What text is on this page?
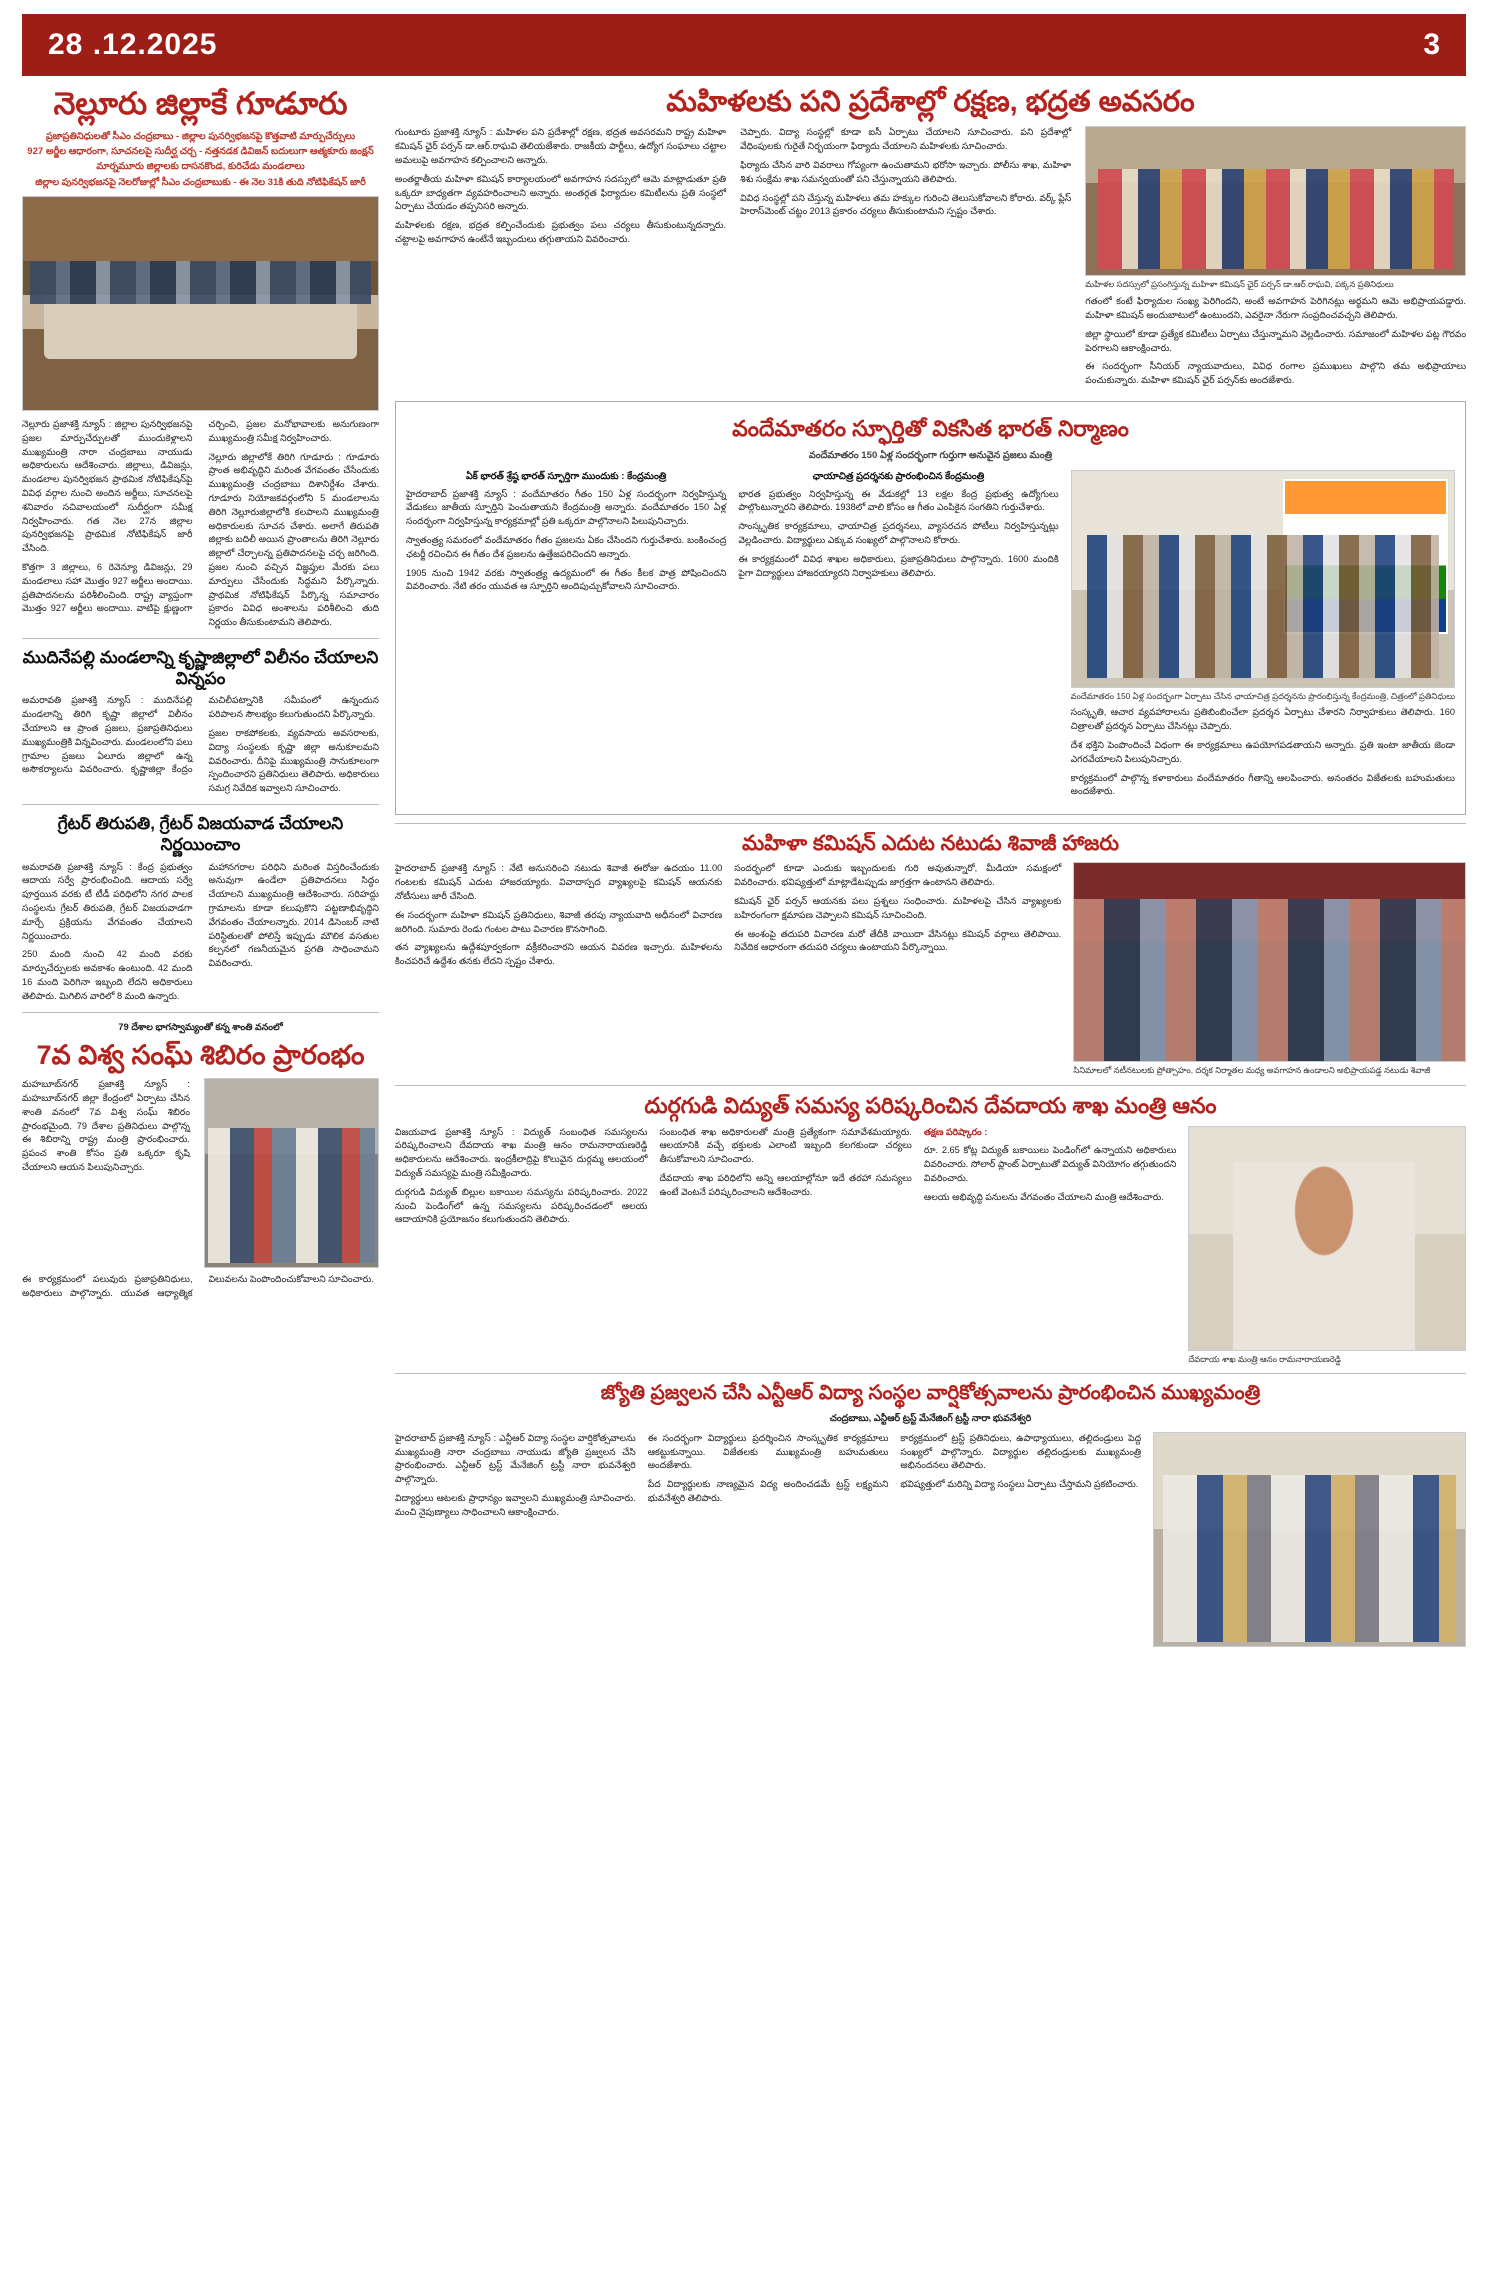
28 .12.2025	3
నెల్లూరు జిల్లాకే గూడూరు
ప్రజాప్రతినిధులతో సీఎం చంద్రబాబు - జిల్లాల పునర్విభజనపై కొత్తవాటి మార్పుచేర్పులు
927 అర్జీల ఆధారంగా, సూచనలపై సుదీర్ఘ చర్చ - నత్తనడక డివిజన్ బదులుగా ఆత్మకూరు జంక్షన్
మార్నమూరు జిల్లాలకు దాసనకొండ, కురిచేడు మండలాలు
జిల్లాల పునర్విభజనపై నెలరోజుల్లో సీఎం చంద్రబాబుకు - ఈ నెల 31కి తుది నోటిఫికేషన్ జారీ

నెల్లూరు ప్రజాశక్తి న్యూస్ : జిల్లాల పునర్విభజనపై ప్రజల మార్పుచేర్పులతో ముందుకెళ్లాలని ముఖ్యమంత్రి నారా చంద్రబాబు నాయుడు అధికారులను ఆదేశించారు. జిల్లాలు, డివిజన్లు, మండలాల పునర్విభజన ప్రాథమిక నోటిఫికేషన్‌పై వివిధ వర్గాల నుంచి అందిన అర్జీలు, సూచనలపై శనివారం సచివాలయంలో సుదీర్ఘంగా సమీక్ష నిర్వహించారు. గత నెల 27న జిల్లాల పునర్విభజనపై ప్రాథమిక నోటిఫికేషన్ జారీ చేసింది.

కొత్తగా 3 జిల్లాలు, 6 రెవెన్యూ డివిజన్లు, 29 మండలాలు సహా మొత్తం 927 అర్జీలు అందాయి. ప్రతిపాదనలను పరిశీలించింది. రాష్ట్ర వ్యాప్తంగా మొత్తం 927 అర్జీలు అందాయి. వాటిపై క్షుణ్ణంగా చర్చించి, ప్రజల మనోభావాలకు అనుగుణంగా ముఖ్యమంత్రి సమీక్ష నిర్వహించారు.

నెల్లూరు జిల్లాలోకే తిరిగి గూడూరు : గూడూరు ప్రాంత అభివృద్ధిని మరింత వేగవంతం చేసేందుకు ముఖ్యమంత్రి చంద్రబాబు దిశానిర్దేశం చేశారు. గూడూరు నియోజకవర్గంలోని 5 మండలాలను తిరిగి నెల్లూరుజిల్లాలోకి కలపాలని ముఖ్యమంత్రి అధికారులకు సూచన చేశారు. అలాగే తిరుపతి జిల్లాకు బదిలీ అయిన ప్రాంతాలను తిరిగి నెల్లూరు జిల్లాలో చేర్చాలన్న ప్రతిపాదనలపై చర్చ జరిగింది. ప్రజల నుంచి వచ్చిన విజ్ఞప్తుల మేరకు పలు మార్పులు చేసేందుకు సిద్ధమని పేర్కొన్నారు. ప్రాథమిక నోటిఫికేషన్ పేర్కొన్న సమాచారం ప్రకారం వివిధ అంశాలను పరిశీలించి తుది నిర్ణయం తీసుకుంటామని తెలిపారు.

ముదినేపల్లి మండలాన్ని కృష్ణాజిల్లాలో విలీనం చేయాలని విన్నపం

అమరావతి ప్రజాశక్తి న్యూస్ : ముదినేపల్లి మండలాన్ని తిరిగి కృష్ణా జిల్లాలో విలీనం చేయాలని ఆ ప్రాంత ప్రజలు, ప్రజాప్రతినిధులు ముఖ్యమంత్రికి విన్నవించారు. మండలంలోని పలు గ్రామాల ప్రజలు ఏలూరు జిల్లాలో ఉన్న అసౌకర్యాలను వివరించారు. కృష్ణాజిల్లా కేంద్రం మచిలీపట్నానికి సమీపంలో ఉన్నందున పరిపాలన సౌలభ్యం కలుగుతుందని పేర్కొన్నారు.

ప్రజల రాకపోకలకు, వ్యవసాయ అవసరాలకు, విద్యా సంస్థలకు కృష్ణా జిల్లా అనుకూలమని వివరించారు. దీనిపై ముఖ్యమంత్రి సానుకూలంగా స్పందించారని ప్రతినిధులు తెలిపారు. అధికారులు సమగ్ర నివేదిక ఇవ్వాలని సూచించారు.

గ్రేటర్ తిరుపతి, గ్రేటర్ విజయవాడ చేయాలని నిర్ణయించాం

అమరావతి ప్రజాశక్తి న్యూస్ : కేంద్ర ప్రభుత్వం ఆదాయ సర్వే ప్రారంభించింది. ఆదాయ సర్వే పూర్తయిన వరకు టీ టీడీ పరిధిలోని నగర పాలక సంస్థలను గ్రేటర్ తిరుపతి, గ్రేటర్ విజయవాడగా మార్చే ప్రక్రియను వేగవంతం చేయాలని నిర్ణయించారు.

250 మంది నుంచి 42 మంది వరకు మార్పుచేర్పులకు అవకాశం ఉంటుంది. 42 మంది 16 మంది పెరిగినా ఇబ్బంది లేదని అధికారులు తెలిపారు. మిగిలిన వారిలో 8 మంది ఉన్నారు.

మహానగరాల పరిధిని మరింత విస్తరించేందుకు అనువుగా ఉండేలా ప్రతిపాదనలు సిద్ధం చేయాలని ముఖ్యమంత్రి ఆదేశించారు. సరిహద్దు గ్రామాలను కూడా కలుపుకొని పట్టణాభివృద్ధిని వేగవంతం చేయాలన్నారు. 2014 డిసెంబర్ నాటి పరిస్థితులతో పోలిస్తే ఇప్పుడు మౌలిక వసతుల కల్పనలో గణనీయమైన ప్రగతి సాధించామని వివరించారు.

79 దేశాల భాగస్వామ్యంతో కన్న శాంతి వనంలో
7వ విశ్వ సంఘ్ శిబిరం ప్రారంభం

మహబూబ్‌నగర్ ప్రజాశక్తి న్యూస్ : మహబూబ్‌నగర్ జిల్లా కేంద్రంలో ఏర్పాటు చేసిన శాంతి వనంలో 7వ విశ్వ సంఘ్ శిబిరం ప్రారంభమైంది. 79 దేశాల ప్రతినిధులు పాల్గొన్న ఈ శిబిరాన్ని రాష్ట్ర మంత్రి ప్రారంభించారు. ప్రపంచ శాంతి కోసం ప్రతి ఒక్కరూ కృషి చేయాలని ఆయన పిలుపునిచ్చారు.

ఈ కార్యక్రమంలో పలువురు ప్రజాప్రతినిధులు, అధికారులు పాల్గొన్నారు. యువత ఆధ్యాత్మిక విలువలను పెంపొందించుకోవాలని సూచించారు.

మహిళలకు పని ప్రదేశాల్లో రక్షణ, భద్రత అవసరం

గుంటూరు ప్రజాశక్తి న్యూస్ : మహిళల పని ప్రదేశాల్లో రక్షణ, భద్రత అవసరమని రాష్ట్ర మహిళా కమిషన్ ఛైర్ పర్సన్ డా.ఆర్.రాఘవి తెలియజేశారు. రాజకీయ పార్టీలు, ఉద్యోగ సంఘాలు చట్టాల అమలుపై అవగాహన కల్పించాలని అన్నారు.

అంతర్జాతీయ మహిళా కమిషన్ కార్యాలయంలో అవగాహన సదస్సులో ఆమె మాట్లాడుతూ ప్రతి ఒక్కరూ బాధ్యతగా వ్యవహరించాలని అన్నారు. అంతర్గత ఫిర్యాదుల కమిటీలను ప్రతి సంస్థలో ఏర్పాటు చేయడం తప్పనిసరి అన్నారు.

మహిళలకు రక్షణ, భద్రత కల్పించేందుకు ప్రభుత్వం పలు చర్యలు తీసుకుంటున్నదన్నారు. చట్టాలపై అవగాహన ఉంటేనే ఇబ్బందులు తగ్గుతాయని వివరించారు.

చెప్పారు. విద్యా సంస్థల్లో కూడా ఐసీ ఏర్పాటు చేయాలని సూచించారు. పని ప్రదేశాల్లో వేధింపులకు గురైతే నిర్భయంగా ఫిర్యాదు చేయాలని మహిళలకు సూచించారు.

ఫిర్యాదు చేసిన వారి వివరాలు గోప్యంగా ఉంచుతామని భరోసా ఇచ్చారు. పోలీసు శాఖ, మహిళా శిశు సంక్షేమ శాఖ సమన్వయంతో పని చేస్తున్నాయని తెలిపారు.

వివిధ సంస్థల్లో పని చేస్తున్న మహిళలు తమ హక్కుల గురించి తెలుసుకోవాలని కోరారు. వర్క్ ప్లేస్ హెరాస్‌మెంట్ చట్టం 2013 ప్రకారం చర్యలు తీసుకుంటామని స్పష్టం చేశారు.

మహిళల సదస్సులో ప్రసంగిస్తున్న మహిళా కమిషన్ ఛైర్ పర్సన్ డా.ఆర్.రాఘవి, పక్కన ప్రతినిధులు

గతంలో కంటే ఫిర్యాదుల సంఖ్య పెరిగిందని, అంటే అవగాహన పెరిగినట్లు అర్థమని ఆమె అభిప్రాయపడ్డారు. మహిళా కమిషన్ అందుబాటులో ఉంటుందని, ఎవరైనా నేరుగా సంప్రదించవచ్చని తెలిపారు.

జిల్లా స్థాయిలో కూడా ప్రత్యేక కమిటీలు ఏర్పాటు చేస్తున్నామని వెల్లడించారు. సమాజంలో మహిళల పట్ల గౌరవం పెరగాలని ఆకాంక్షించారు.

ఈ సందర్భంగా సీనియర్ న్యాయవాదులు, వివిధ రంగాల ప్రముఖులు పాల్గొని తమ అభిప్రాయాలు పంచుకున్నారు. మహిళా కమిషన్ ఛైర్ పర్సన్‌కు అందజేశారు.

వందేమాతరం స్ఫూర్తితో వికసిత భారత్ నిర్మాణం
వందేమాతరం 150 ఏళ్ల సందర్భంగా గుర్తుగా అనువైన ప్రజలు మంత్రి
ఏక్ భారత్ శ్రేష్ఠ భారత్ స్ఫూర్తిగా ముందుకు : కేంద్రమంత్రి

హైదరాబాద్ ప్రజాశక్తి న్యూస్ : వందేమాతరం గీతం 150 ఏళ్ల సందర్భంగా నిర్వహిస్తున్న వేడుకలు జాతీయ స్ఫూర్తిని పెంచుతాయని కేంద్రమంత్రి అన్నారు. వందేమాతరం 150 ఏళ్ల సందర్భంగా నిర్వహిస్తున్న కార్యక్రమాల్లో ప్రతి ఒక్కరూ పాల్గొనాలని పిలుపునిచ్చారు.

స్వాతంత్ర్య సమరంలో వందేమాతరం గీతం ప్రజలను ఏకం చేసిందని గుర్తుచేశారు. బంకించంద్ర ఛటర్జీ రచించిన ఈ గీతం దేశ ప్రజలను ఉత్తేజపరిచిందని అన్నారు.

1905 నుంచి 1942 వరకు స్వాతంత్ర్య ఉద్యమంలో ఈ గీతం కీలక పాత్ర పోషించిందని వివరించారు. నేటి తరం యువత ఆ స్ఫూర్తిని అందిపుచ్చుకోవాలని సూచించారు.

ఛాయాచిత్ర ప్రదర్శనకు ప్రారంభించిన కేంద్రమంత్రి

భారత ప్రభుత్వం నిర్వహిస్తున్న ఈ వేడుకల్లో 13 లక్షల కేంద్ర ప్రభుత్వ ఉద్యోగులు పాల్గొంటున్నారని తెలిపారు. 1938లో వాలి కోసం ఆ గీతం ఎంపికైన సంగతిని గుర్తుచేశారు.

సాంస్కృతిక కార్యక్రమాలు, ఛాయాచిత్ర ప్రదర్శనలు, వ్యాసరచన పోటీలు నిర్వహిస్తున్నట్లు వెల్లడించారు. విద్యార్థులు ఎక్కువ సంఖ్యలో పాల్గొనాలని కోరారు.

ఈ కార్యక్రమంలో వివిధ శాఖల అధికారులు, ప్రజాప్రతినిధులు పాల్గొన్నారు. 1600 మందికి పైగా విద్యార్థులు హాజరయ్యారని నిర్వాహకులు తెలిపారు.

వందేమాతరం 150 ఏళ్ల సందర్భంగా ఏర్పాటు చేసిన ఛాయాచిత్ర ప్రదర్శనను ప్రారంభిస్తున్న కేంద్రమంత్రి, చిత్రంలో ప్రతినిధులు

సంస్కృతి, ఆచార వ్యవహారాలను ప్రతిబింబించేలా ప్రదర్శన ఏర్పాటు చేశారని నిర్వాహకులు తెలిపారు. 160 చిత్రాలతో ప్రదర్శన ఏర్పాటు చేసినట్లు చెప్పారు.

దేశ భక్తిని పెంపొందించే విధంగా ఈ కార్యక్రమాలు ఉపయోగపడతాయని అన్నారు. ప్రతి ఇంటా జాతీయ జెండా ఎగరవేయాలని పిలుపునిచ్చారు.

కార్యక్రమంలో పాల్గొన్న కళాకారులు వందేమాతరం గీతాన్ని ఆలపించారు. అనంతరం విజేతలకు బహుమతులు అందజేశారు.

మహిళా కమిషన్ ఎదుట నటుడు శివాజీ హాజరు

హైదరాబాద్ ప్రజాశక్తి న్యూస్ : నేటి అనుసరించి నటుడు శివాజీ ఈరోజు ఉదయం 11.00 గంటలకు కమిషన్ ఎదుట హాజరయ్యారు. వివాదాస్పద వ్యాఖ్యలపై కమిషన్ ఆయనకు నోటీసులు జారీ చేసింది.

ఈ సందర్భంగా మహిళా కమిషన్ ప్రతినిధులు, శివాజీ తరపు న్యాయవాది అధీనంలో విచారణ జరిగింది. సుమారు రెండు గంటల పాటు విచారణ కొనసాగింది.

తన వ్యాఖ్యలను ఉద్దేశపూర్వకంగా వక్రీకరించారని ఆయన వివరణ ఇచ్చారు. మహిళలను కించపరిచే ఉద్దేశం తనకు లేదని స్పష్టం చేశారు.

సందర్భంలో కూడా ఎందుకు ఇబ్బందులకు గురి అవుతున్నారో, మీడియా సమక్షంలో వివరించారు. భవిష్యత్తులో మాట్లాడేటప్పుడు జాగ్రత్తగా ఉంటానని తెలిపారు.

కమిషన్ ఛైర్ పర్సన్ ఆయనకు పలు ప్రశ్నలు సంధించారు. మహిళలపై చేసిన వ్యాఖ్యలకు బహిరంగంగా క్షమాపణ చెప్పాలని కమిషన్ సూచించింది.

ఈ అంశంపై తదుపరి విచారణ మరో తేదీకి వాయిదా వేసినట్లు కమిషన్ వర్గాలు తెలిపాయి. నివేదిక ఆధారంగా తదుపరి చర్యలు ఉంటాయని పేర్కొన్నాయి.

సినిమాలలో నటీనటులకు ప్రోత్సాహం, దర్శక నిర్మాతల మధ్య అవగాహన ఉండాలని అభిప్రాయపడ్డ నటుడు శివాజీ
దుర్గగుడి విద్యుత్ సమస్య పరిష్కరించిన దేవదాయ శాఖ మంత్రి ఆనం

విజయవాడ ప్రజాశక్తి న్యూస్ : విద్యుత్ సంబంధిత సమస్యలను పరిష్కరించాలని దేవదాయ శాఖ మంత్రి ఆనం రామనారాయణరెడ్డి అధికారులను ఆదేశించారు. ఇంద్రకీలాద్రిపై కొలువైన దుర్గమ్మ ఆలయంలో విద్యుత్ సమస్యపై మంత్రి సమీక్షించారు.

దుర్గగుడి విద్యుత్ బిల్లుల బకాయిల సమస్యను పరిష్కరించారు. 2022 నుంచి పెండింగ్‌లో ఉన్న సమస్యలను పరిష్కరించడంలో ఆలయ ఆదాయానికి ప్రయోజనం కలుగుతుందని తెలిపారు.

సంబంధిత శాఖ అధికారులతో మంత్రి ప్రత్యేకంగా సమావేశమయ్యారు. ఆలయానికి వచ్చే భక్తులకు ఎలాంటి ఇబ్బంది కలగకుండా చర్యలు తీసుకోవాలని సూచించారు.

దేవదాయ శాఖ పరిధిలోని అన్ని ఆలయాల్లోనూ ఇదే తరహా సమస్యలు ఉంటే వెంటనే పరిష్కరించాలని ఆదేశించారు.

తక్షణ పరిష్కారం :

రూ. 2.65 కోట్ల విద్యుత్ బకాయిలు పెండింగ్‌లో ఉన్నాయని అధికారులు వివరించారు. సోలార్ ప్లాంట్ ఏర్పాటుతో విద్యుత్ వినియోగం తగ్గుతుందని వివరించారు.

ఆలయ అభివృద్ధి పనులను వేగవంతం చేయాలని మంత్రి ఆదేశించారు.

దేవదాయ శాఖ మంత్రి ఆనం రామనారాయణరెడ్డి
జ్యోతి ప్రజ్వలన చేసి ఎన్టీఆర్ విద్యా సంస్థల వార్షికోత్సవాలను ప్రారంభించిన ముఖ్యమంత్రి
చంద్రబాబు, ఎన్టీఆర్ ట్రస్ట్ మేనేజింగ్ ట్రస్టీ నారా భువనేశ్వరి

హైదరాబాద్ ప్రజాశక్తి న్యూస్ : ఎన్టీఆర్ విద్యా సంస్థల వార్షికోత్సవాలను ముఖ్యమంత్రి నారా చంద్రబాబు నాయుడు జ్యోతి ప్రజ్వలన చేసి ప్రారంభించారు. ఎన్టీఆర్ ట్రస్ట్ మేనేజింగ్ ట్రస్టీ నారా భువనేశ్వరి పాల్గొన్నారు.

విద్యార్థులు ఆటలకు ప్రాధాన్యం ఇవ్వాలని ముఖ్యమంత్రి సూచించారు. మంచి నైపుణ్యాలు సాధించాలని ఆకాంక్షించారు.

ఈ సందర్భంగా విద్యార్థులు ప్రదర్శించిన సాంస్కృతిక కార్యక్రమాలు ఆకట్టుకున్నాయి. విజేతలకు ముఖ్యమంత్రి బహుమతులు అందజేశారు.

పేద విద్యార్థులకు నాణ్యమైన విద్య అందించడమే ట్రస్ట్ లక్ష్యమని భువనేశ్వరి తెలిపారు.

కార్యక్రమంలో ట్రస్ట్ ప్రతినిధులు, ఉపాధ్యాయులు, తల్లిదండ్రులు పెద్ద సంఖ్యలో పాల్గొన్నారు. విద్యార్థుల తల్లిదండ్రులకు ముఖ్యమంత్రి అభినందనలు తెలిపారు.

భవిష్యత్తులో మరిన్ని విద్యా సంస్థలు ఏర్పాటు చేస్తామని ప్రకటించారు.
